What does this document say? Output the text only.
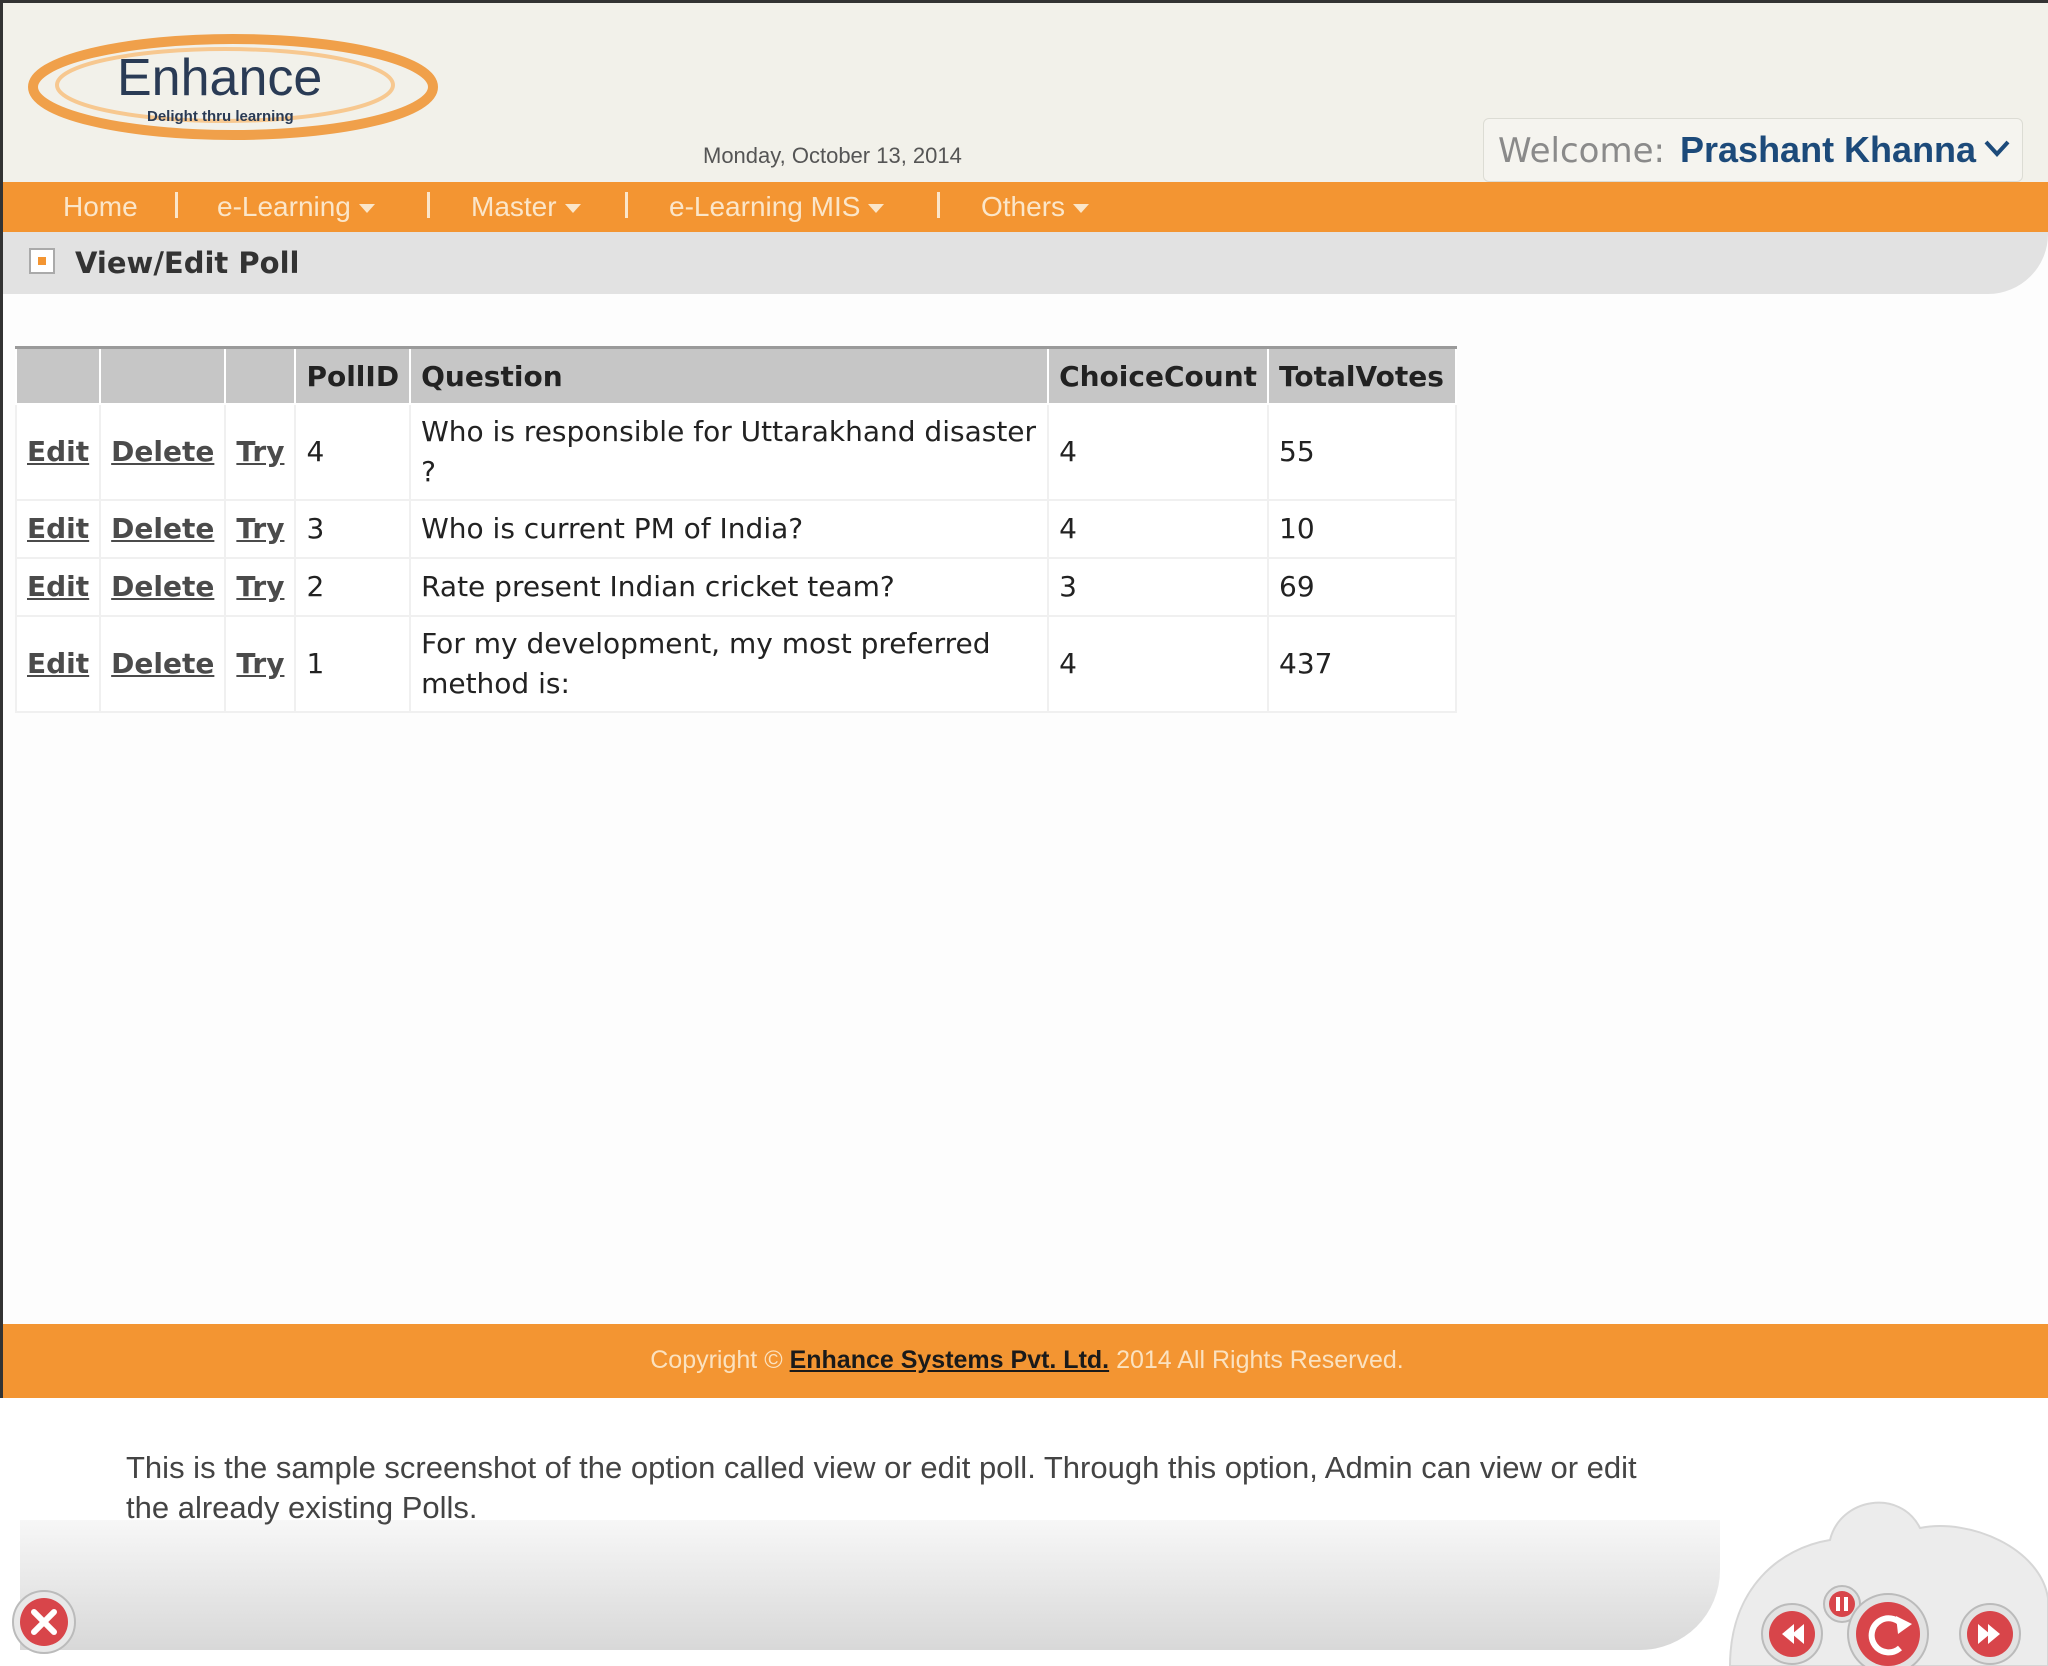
Enhance
Delight thru learning
Monday, October 13, 2014	Welcome: Prashant Khanna
Home	e-Learning	Master	e-Learning MIS	Others
View/Edit Poll
			PollID	Question	ChoiceCount	TotalVotes
Edit	Delete	Try	4	Who is responsible for Uttarakhand disaster ?	4	55
Edit	Delete	Try	3	Who is current PM of India?	4	10
Edit	Delete	Try	2	Rate present Indian cricket team?	3	69
Edit	Delete	Try	1	For my development, my most preferred method is:	4	437
Copyright © Enhance Systems Pvt. Ltd. 2014 All Rights Reserved.
This is the sample screenshot of the option called view or edit poll. Through this option, Admin can view or edit the already existing Polls.
